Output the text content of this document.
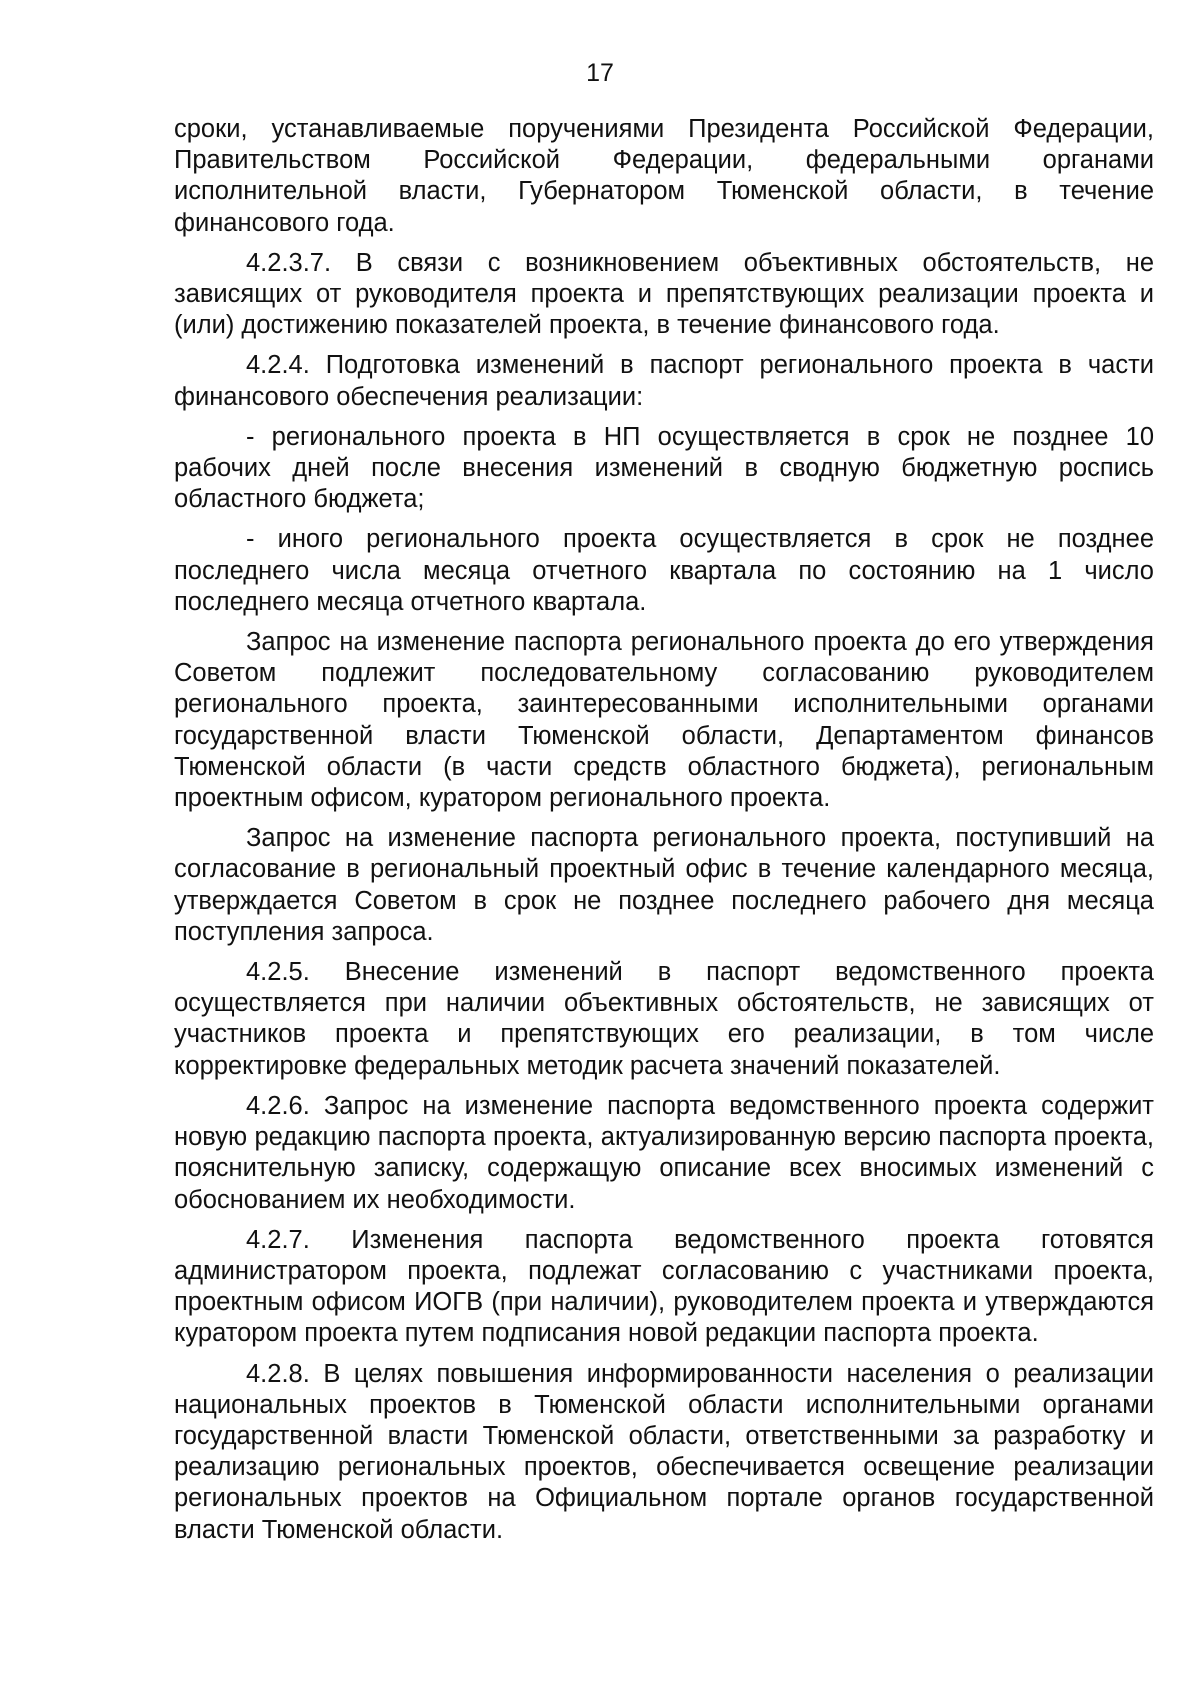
17

сроки, устанавливаемые поручениями Президента Российской Федерации, Правительством Российской Федерации, федеральными органами исполнительной власти, Губернатором Тюменской области, в течение финансового года.

4.2.3.7. В связи с возникновением объективных обстоятельств, не зависящих от руководителя проекта и препятствующих реализации проекта и (или) достижению показателей проекта, в течение финансового года.

4.2.4. Подготовка изменений в паспорт регионального проекта в части финансового обеспечения реализации:

- регионального проекта в НП осуществляется в срок не позднее 10 рабочих дней после внесения изменений в сводную бюджетную роспись областного бюджета;

- иного регионального проекта осуществляется в срок не позднее последнего числа месяца отчетного квартала по состоянию на 1 число последнего месяца отчетного квартала.

Запрос на изменение паспорта регионального проекта до его утверждения Советом подлежит последовательному согласованию руководителем регионального проекта, заинтересованными исполнительными органами государственной власти Тюменской области, Департаментом финансов Тюменской области (в части средств областного бюджета), региональным проектным офисом, куратором регионального проекта.

Запрос на изменение паспорта регионального проекта, поступивший на согласование в региональный проектный офис в течение календарного месяца, утверждается Советом в срок не позднее последнего рабочего дня месяца поступления запроса.

4.2.5. Внесение изменений в паспорт ведомственного проекта осуществляется при наличии объективных обстоятельств, не зависящих от участников проекта и препятствующих его реализации, в том числе корректировке федеральных методик расчета значений показателей.

4.2.6. Запрос на изменение паспорта ведомственного проекта содержит новую редакцию паспорта проекта, актуализированную версию паспорта проекта, пояснительную записку, содержащую описание всех вносимых изменений с обоснованием их необходимости.

4.2.7. Изменения паспорта ведомственного проекта готовятся администратором проекта, подлежат согласованию с участниками проекта, проектным офисом ИОГВ (при наличии), руководителем проекта и утверждаются куратором проекта путем подписания новой редакции паспорта проекта.

4.2.8. В целях повышения информированности населения о реализации национальных проектов в Тюменской области исполнительными органами государственной власти Тюменской области, ответственными за разработку и реализацию региональных проектов, обеспечивается освещение реализации региональных проектов на Официальном портале органов государственной власти Тюменской области.
